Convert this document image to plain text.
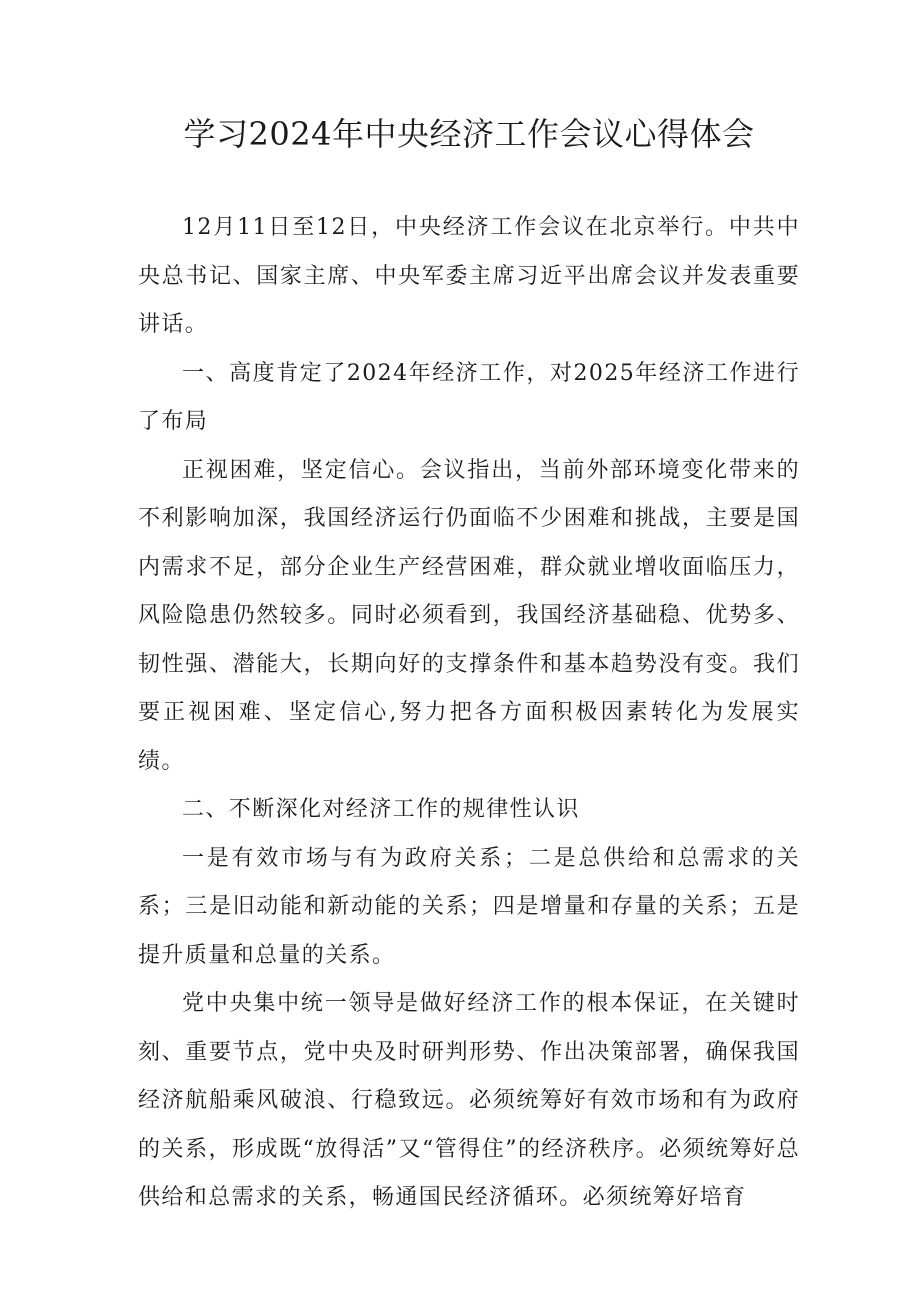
学习2024年中央经济工作会议心得体会

12月11日至12日，中央经济工作会议在北京举行。中共中央总书记、国家主席、中央军委主席习近平出席会议并发表重要讲话。

一、高度肯定了2024年经济工作，对2025年经济工作进行了布局

正视困难，坚定信心。会议指出，当前外部环境变化带来的不利影响加深，我国经济运行仍面临不少困难和挑战，主要是国内需求不足，部分企业生产经营困难，群众就业增收面临压力，风险隐患仍然较多。同时必须看到，我国经济基础稳、优势多、韧性强、潜能大，长期向好的支撑条件和基本趋势没有变。我们要正视困难、坚定信心,努力把各方面积极因素转化为发展实绩。

二、不断深化对经济工作的规律性认识

一是有效市场与有为政府关系；二是总供给和总需求的关系；三是旧动能和新动能的关系；四是增量和存量的关系；五是提升质量和总量的关系。

党中央集中统一领导是做好经济工作的根本保证，在关键时刻、重要节点，党中央及时研判形势、作出决策部署，确保我国经济航船乘风破浪、行稳致远。必须统筹好有效市场和有为政府的关系，形成既“放得活”又“管得住”的经济秩序。必须统筹好总供给和总需求的关系，畅通国民经济循环。必须统筹好培育
